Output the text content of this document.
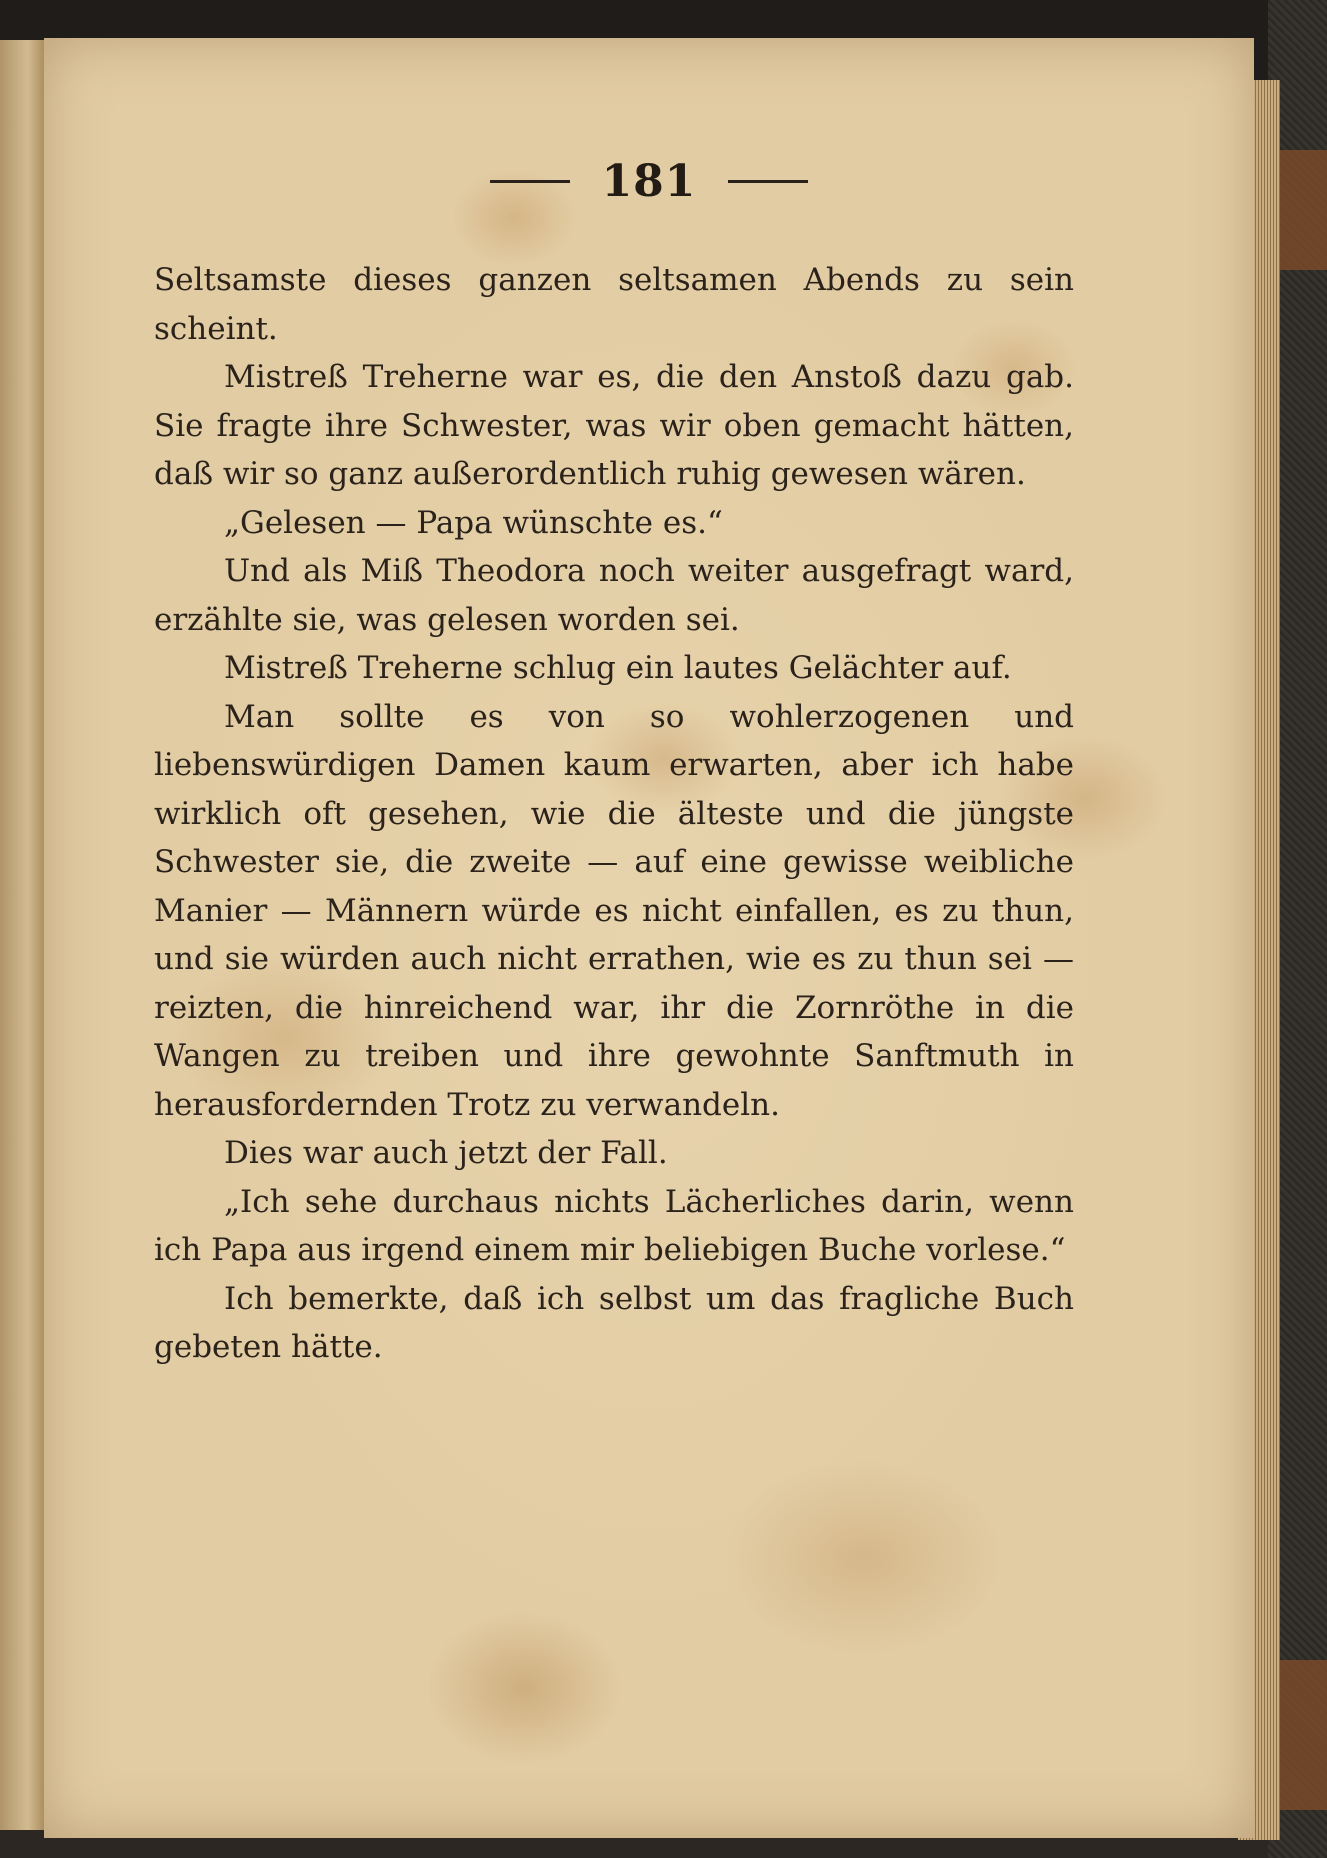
181

Seltsamste dieses ganzen seltsamen Abends zu sein scheint.

Mistreß Treherne war es, die den Anstoß dazu gab. Sie fragte ihre Schwester, was wir oben gemacht hätten, daß wir so ganz außerordentlich ruhig gewesen wären.

„Gelesen — Papa wünschte es.“

Und als Miß Theodora noch weiter ausgefragt ward, erzählte sie, was gelesen worden sei.

Mistreß Treherne schlug ein lautes Gelächter auf.

Man sollte es von so wohlerzogenen und liebenswürdigen Damen kaum erwarten, aber ich habe wirklich oft gesehen, wie die älteste und die jüngste Schwester sie, die zweite — auf eine gewisse weibliche Manier — Männern würde es nicht einfallen, es zu thun, und sie würden auch nicht errathen, wie es zu thun sei — reizten, die hinreichend war, ihr die Zornröthe in die Wangen zu treiben und ihre gewohnte Sanftmuth in herausfordernden Trotz zu verwandeln.

Dies war auch jetzt der Fall.

„Ich sehe durchaus nichts Lächerliches darin, wenn ich Papa aus irgend einem mir beliebigen Buche vorlese.“

Ich bemerkte, daß ich selbst um das fragliche Buch gebeten hätte.
